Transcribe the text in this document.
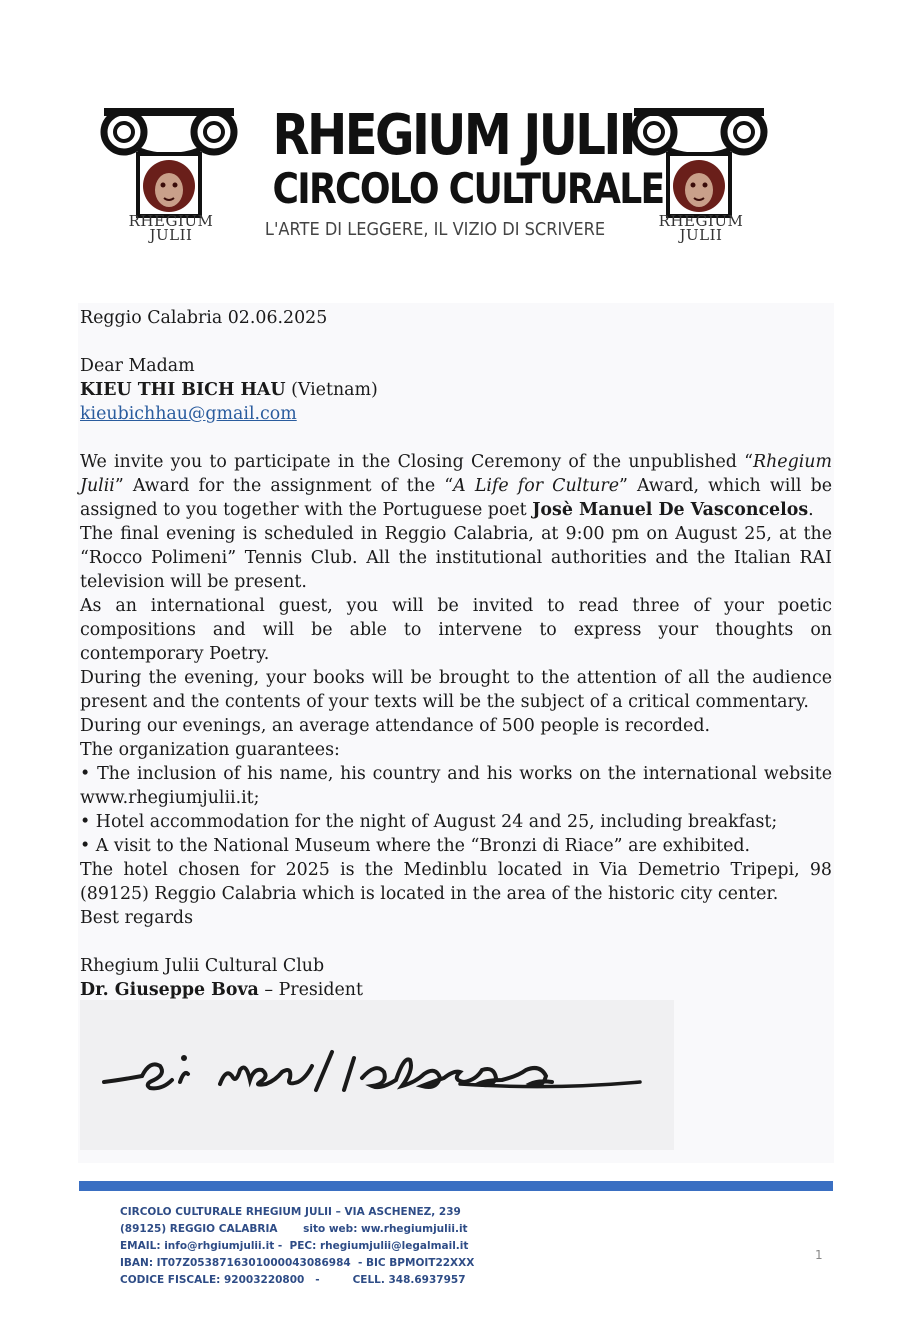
RHEGIUM
JULII
RHEGIUM JULII
CIRCOLO CULTURALE
L'ARTE DI LEGGERE, IL VIZIO DI SCRIVERE	RHEGIUM
JULII

Reggio Calabria 02.06.2025

Dear Madam

KIEU THI BICH HAU (Vietnam)

kieubichhau@gmail.com

We invite you to participate in the Closing Ceremony of the unpublished “Rhegium Julii” Award for the assignment of the “A Life for Culture” Award, which will be assigned to you together with the Portuguese poet Josè Manuel De Vasconcelos.

The final evening is scheduled in Reggio Calabria, at 9:00 pm on August 25, at the “Rocco Polimeni” Tennis Club. All the institutional authorities and the Italian RAI television will be present.

As an international guest, you will be invited to read three of your poetic compositions and will be able to intervene to express your thoughts on contemporary Poetry.

During the evening, your books will be brought to the attention of all the audience present and the contents of your texts will be the subject of a critical commentary.

During our evenings, an average attendance of 500 people is recorded.

The organization guarantees:

• The inclusion of his name, his country and his works on the international website www.rhegiumjulii.it;

• Hotel accommodation for the night of August 24 and 25, including breakfast;

• A visit to the National Museum where the “Bronzi di Riace” are exhibited.

The hotel chosen for 2025 is the Medinblu located in Via Demetrio Tripepi, 98 (89125) Reggio Calabria which is located in the area of the historic city center.

Best regards

Rhegium Julii Cultural Club

Dr. Giuseppe Bova – President

CIRCOLO CULTURALE RHEGIUM JULII – VIA ASCHENEZ, 239
(89125) REGGIO CALABRIA       sito web: ww.rhegiumjulii.it
EMAIL: info@rhgiumjulii.it -  PEC: rhegiumjulii@legalmail.it
IBAN: IT07Z0538716301000043086984  - BIC BPMOIT22XXX
CODICE FISCALE: 92003220800   -         CELL. 348.6937957
1
